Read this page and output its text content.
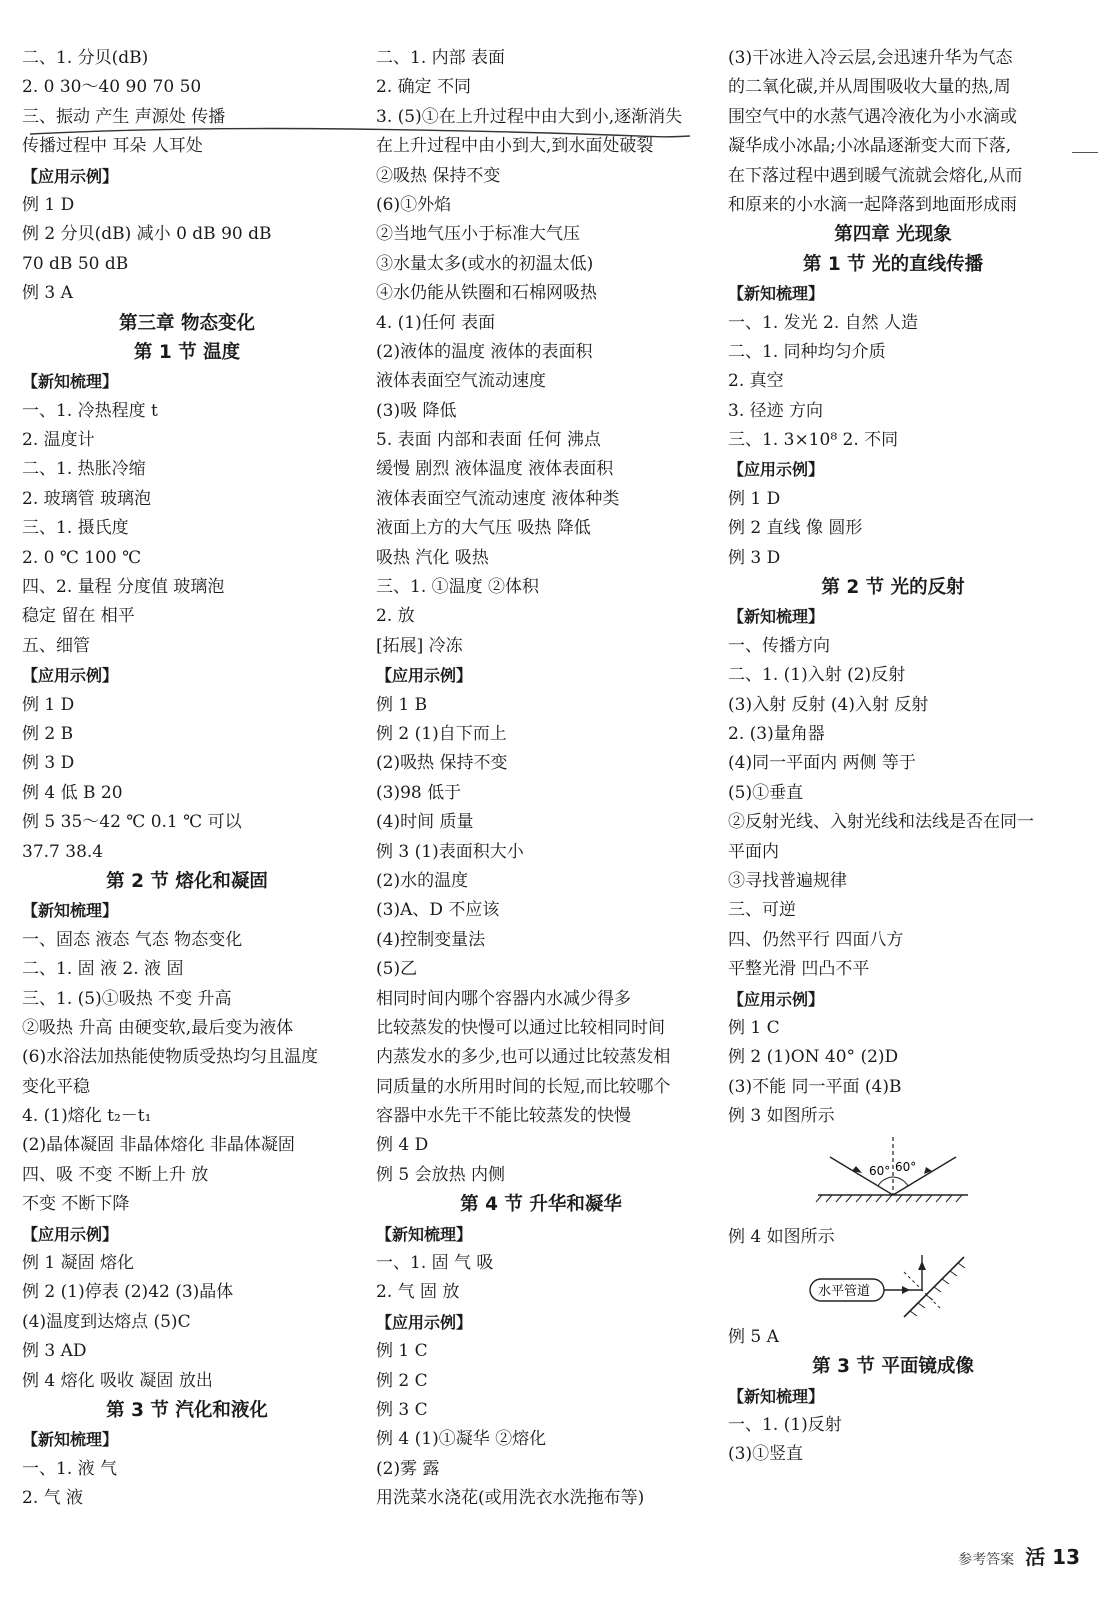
二、1. 分贝(dB)
2. 0 30～40 90 70 50
三、振动 产生 声源处 传播
传播过程中 耳朵 人耳处
【应用示例】
例 1 D
例 2 分贝(dB) 减小 0 dB 90 dB
70 dB 50 dB
例 3 A
第三章 物态变化
第 1 节 温度
【新知梳理】
一、1. 冷热程度 t
2. 温度计
二、1. 热胀冷缩
2. 玻璃管 玻璃泡
三、1. 摄氏度
2. 0 ℃ 100 ℃
四、2. 量程 分度值 玻璃泡
稳定 留在 相平
五、细管
【应用示例】
例 1 D
例 2 B
例 3 D
例 4 低 B 20
例 5 35～42 ℃ 0.1 ℃ 可以
37.7 38.4
第 2 节 熔化和凝固
【新知梳理】
一、固态 液态 气态 物态变化
二、1. 固 液 2. 液 固
三、1. (5)①吸热 不变 升高
②吸热 升高 由硬变软,最后变为液体
(6)水浴法加热能使物质受热均匀且温度
变化平稳
4. (1)熔化 t₂－t₁
(2)晶体凝固 非晶体熔化 非晶体凝固
四、吸 不变 不断上升 放
不变 不断下降
【应用示例】
例 1 凝固 熔化
例 2 (1)停表 (2)42 (3)晶体
(4)温度到达熔点 (5)C
例 3 AD
例 4 熔化 吸收 凝固 放出
第 3 节 汽化和液化
【新知梳理】
一、1. 液 气
2. 气 液
二、1. 内部 表面
2. 确定 不同
3. (5)①在上升过程中由大到小,逐渐消失
在上升过程中由小到大,到水面处破裂
②吸热 保持不变
(6)①外焰
②当地气压小于标准大气压
③水量太多(或水的初温太低)
④水仍能从铁圈和石棉网吸热
4. (1)任何 表面
(2)液体的温度 液体的表面积
液体表面空气流动速度
(3)吸 降低
5. 表面 内部和表面 任何 沸点
缓慢 剧烈 液体温度 液体表面积
液体表面空气流动速度 液体种类
液面上方的大气压 吸热 降低
吸热 汽化 吸热
三、1. ①温度 ②体积
2. 放
[拓展] 冷冻
【应用示例】
例 1 B
例 2 (1)自下而上
(2)吸热 保持不变
(3)98 低于
(4)时间 质量
例 3 (1)表面积大小
(2)水的温度
(3)A、D 不应该
(4)控制变量法
(5)乙
相同时间内哪个容器内水减少得多
比较蒸发的快慢可以通过比较相同时间
内蒸发水的多少,也可以通过比较蒸发相
同质量的水所用时间的长短,而比较哪个
容器中水先干不能比较蒸发的快慢
例 4 D
例 5 会放热 内侧
第 4 节 升华和凝华
【新知梳理】
一、1. 固 气 吸
2. 气 固 放
【应用示例】
例 1 C
例 2 C
例 3 C
例 4 (1)①凝华 ②熔化
(2)雾 露
用洗菜水浇花(或用洗衣水洗拖布等)
(3)干冰进入冷云层,会迅速升华为气态
的二氧化碳,并从周围吸收大量的热,周
围空气中的水蒸气遇冷液化为小水滴或
凝华成小冰晶;小冰晶逐渐变大而下落,
在下落过程中遇到暖气流就会熔化,从而
和原来的小水滴一起降落到地面形成雨
第四章 光现象
第 1 节 光的直线传播
【新知梳理】
一、1. 发光 2. 自然 人造
二、1. 同种均匀介质
2. 真空
3. 径迹 方向
三、1. 3×10⁸ 2. 不同
【应用示例】
例 1 D
例 2 直线 像 圆形
例 3 D
第 2 节 光的反射
【新知梳理】
一、传播方向
二、1. (1)入射 (2)反射
(3)入射 反射 (4)入射 反射
2. (3)量角器
(4)同一平面内 两侧 等于
(5)①垂直
②反射光线、入射光线和法线是否在同一
平面内
③寻找普遍规律
三、可逆
四、仍然平行 四面八方
平整光滑 凹凸不平
【应用示例】
例 1 C
例 2 (1)ON 40° (2)D
(3)不能 同一平面 (4)B
例 3 如图所示
60° 60°
例 4 如图所示
水平管道
例 5 A
第 3 节 平面镜成像
【新知梳理】
一、1. (1)反射
(3)①竖直
参考答案 活 13
